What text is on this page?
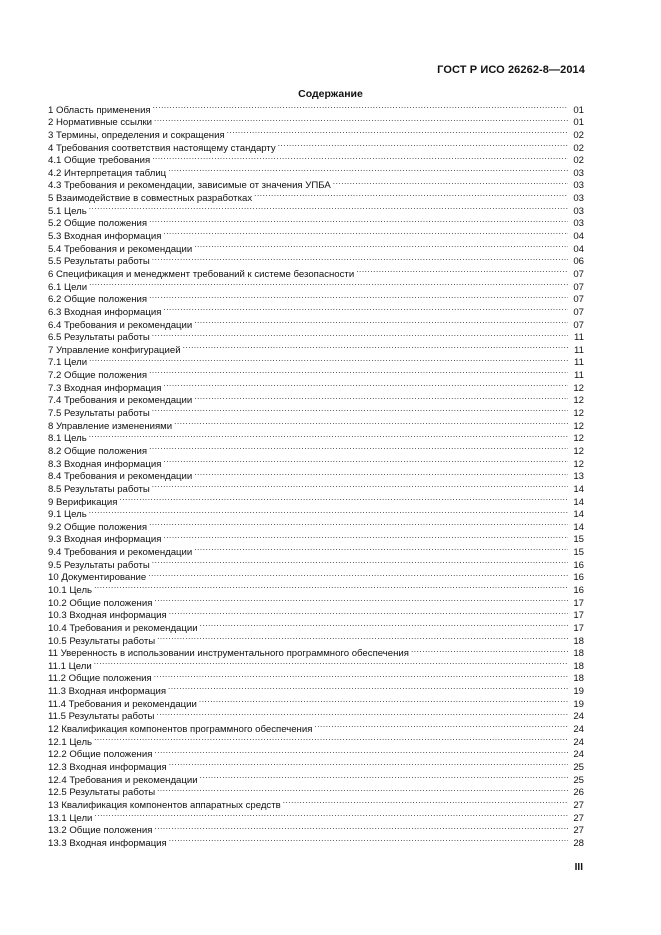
ГОСТ Р ИСО 26262-8—2014
Содержание
1 Область применения .....	01
2 Нормативные ссылки .....	01
3 Термины, определения и сокращения .....	02
4 Требования соответствия настоящему стандарту .....	02
4.1 Общие требования .....	02
4.2 Интерпретация таблиц .....	03
4.3 Требования и рекомендации, зависимые от значения УПБА .....	03
5 Взаимодействие в совместных разработках .....	03
5.1 Цель .....	03
5.2 Общие положения .....	03
5.3 Входная информация .....	04
5.4 Требования и рекомендации .....	04
5.5 Результаты работы .....	06
6 Спецификация и менеджмент требований к системе безопасности .....	07
6.1 Цели .....	07
6.2 Общие положения .....	07
6.3 Входная информация .....	07
6.4 Требования и рекомендации .....	07
6.5 Результаты работы .....	11
7 Управление конфигурацией .....	11
7.1 Цели .....	11
7.2 Общие положения .....	11
7.3 Входная информация .....	12
7.4 Требования и рекомендации .....	12
7.5 Результаты работы .....	12
8 Управление изменениями .....	12
8.1 Цель .....	12
8.2 Общие положения .....	12
8.3 Входная информация .....	12
8.4 Требования и рекомендации .....	13
8.5 Результаты работы .....	14
9 Верификация .....	14
9.1 Цель .....	14
9.2 Общие положения .....	14
9.3 Входная информация .....	15
9.4 Требования и рекомендации .....	15
9.5 Результаты работы .....	16
10 Документирование .....	16
10.1 Цель .....	16
10.2 Общие положения .....	17
10.3 Входная информация .....	17
10.4 Требования и рекомендации .....	17
10.5 Результаты работы .....	18
11 Уверенность в использовании инструментального программного обеспечения .....	18
11.1 Цели .....	18
11.2 Общие положения .....	18
11.3 Входная информация .....	19
11.4 Требования и рекомендации .....	19
11.5 Результаты работы .....	24
12 Квалификация компонентов программного обеспечения .....	24
12.1 Цель .....	24
12.2 Общие положения .....	24
12.3 Входная информация .....	25
12.4 Требования и рекомендации .....	25
12.5 Результаты работы .....	26
13 Квалификация компонентов аппаратных средств .....	27
13.1 Цели .....	27
13.2 Общие положения .....	27
13.3 Входная информация .....	28
III
